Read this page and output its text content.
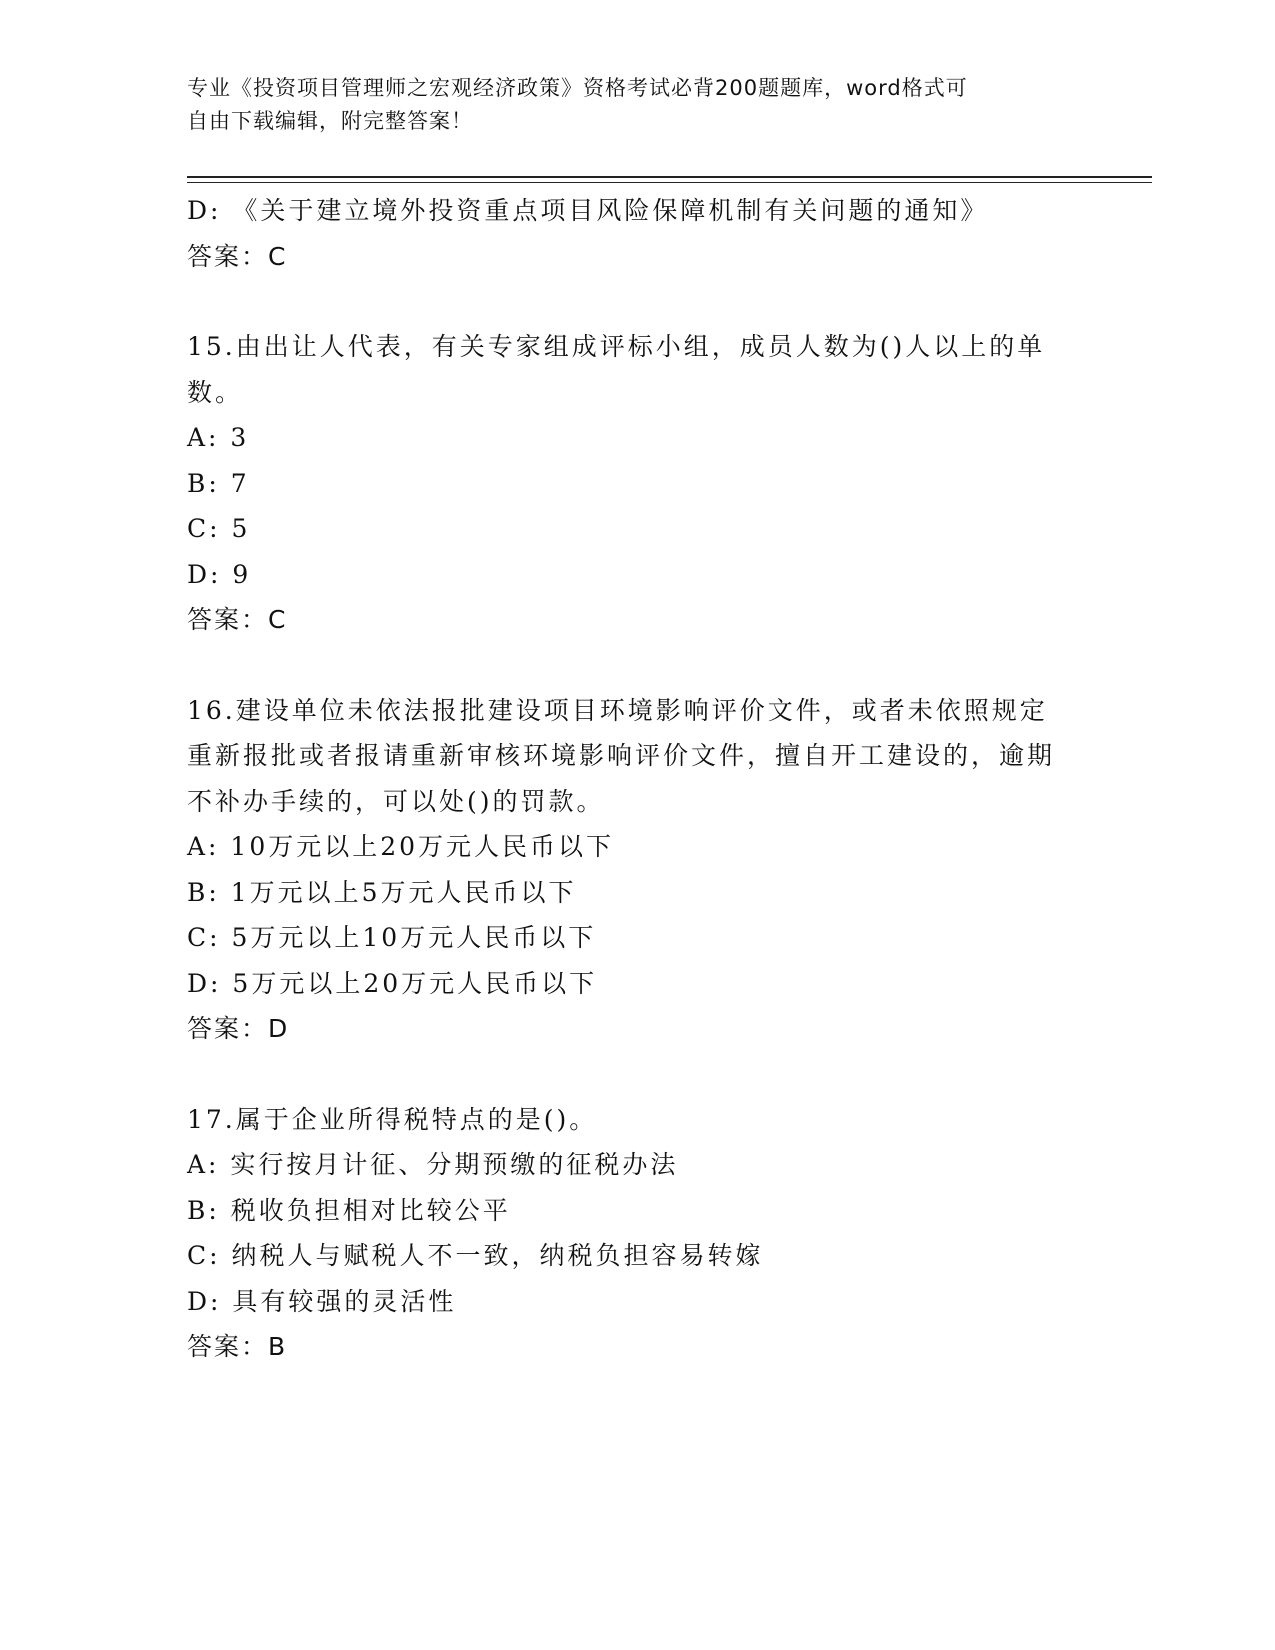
专业《投资项目管理师之宏观经济政策》资格考试必背200题题库，word格式可
自由下载编辑，附完整答案！
D: 《关于建立境外投资重点项目风险保障机制有关问题的通知》
答案：C
15.由出让人代表，有关专家组成评标小组，成员人数为()人以上的单数。
A: 3
B: 7
C: 5
D: 9
答案：C
16.建设单位未依法报批建设项目环境影响评价文件，或者未依照规定重新报批或者报请重新审核环境影响评价文件，擅自开工建设的，逾期不补办手续的，可以处()的罚款。
A: 10万元以上20万元人民币以下
B: 1万元以上5万元人民币以下
C: 5万元以上10万元人民币以下
D: 5万元以上20万元人民币以下
答案：D
17.属于企业所得税特点的是()。
A: 实行按月计征、分期预缴的征税办法
B: 税收负担相对比较公平
C: 纳税人与赋税人不一致，纳税负担容易转嫁
D: 具有较强的灵活性
答案：B
